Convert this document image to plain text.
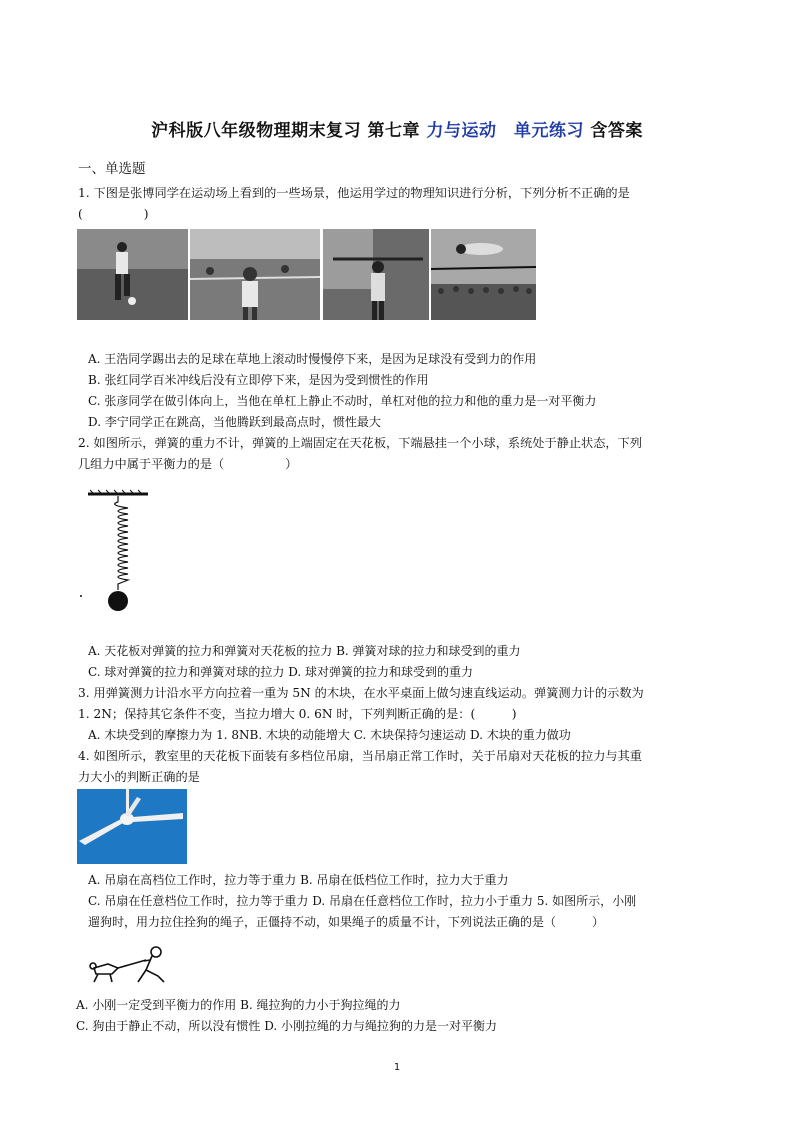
沪科版八年级物理期末复习 第七章 力与运动　 单元练习 含答案
一、单选题
1. 下图是张博同学在运动场上看到的一些场景，他运用学过的物理知识进行分析，下列分析不正确的是
(　　　　　)
A. 王浩同学踢出去的足球在草地上滚动时慢慢停下来，是因为足球没有受到力的作用
B. 张红同学百米冲线后没有立即停下来，是因为受到惯性的作用
C. 张彦同学在做引体向上，当他在单杠上静止不动时，单杠对他的拉力和他的重力是一对平衡力
D. 李宁同学正在跳高，当他腾跃到最高点时，惯性最大
2. 如图所示，弹簧的重力不计，弹簧的上端固定在天花板，下端悬挂一个小球，系统处于静止状态，下列
几组力中属于平衡力的是（　　　　　）
A. 天花板对弹簧的拉力和弹簧对天花板的拉力 B. 弹簧对球的拉力和球受到的重力
C. 球对弹簧的拉力和弹簧对球的拉力 D. 球对弹簧的拉力和球受到的重力
3. 用弹簧测力计沿水平方向拉着一重为 5N 的木块，在水平桌面上做匀速直线运动。弹簧测力计的示数为
1. 2N；保持其它条件不变，当拉力增大 0. 6N 时，下列判断正确的是：(　　　)
A. 木块受到的摩擦力为 1. 8NB. 木块的动能增大 C. 木块保持匀速运动 D. 木块的重力做功
4. 如图所示，教室里的天花板下面装有多档位吊扇，当吊扇正常工作时，关于吊扇对天花板的拉力与其重
力大小的判断正确的是
A. 吊扇在高档位工作时，拉力等于重力 B. 吊扇在低档位工作时，拉力大于重力
C. 吊扇在任意档位工作时，拉力等于重力 D. 吊扇在任意档位工作时，拉力小于重力 5. 如图所示，小刚
遛狗时，用力拉住拴狗的绳子，正僵持不动，如果绳子的质量不计，下列说法正确的是（　　　）
A. 小刚一定受到平衡力的作用 B. 绳拉狗的力小于狗拉绳的力
C. 狗由于静止不动，所以没有惯性 D. 小刚拉绳的力与绳拉狗的力是一对平衡力
1
